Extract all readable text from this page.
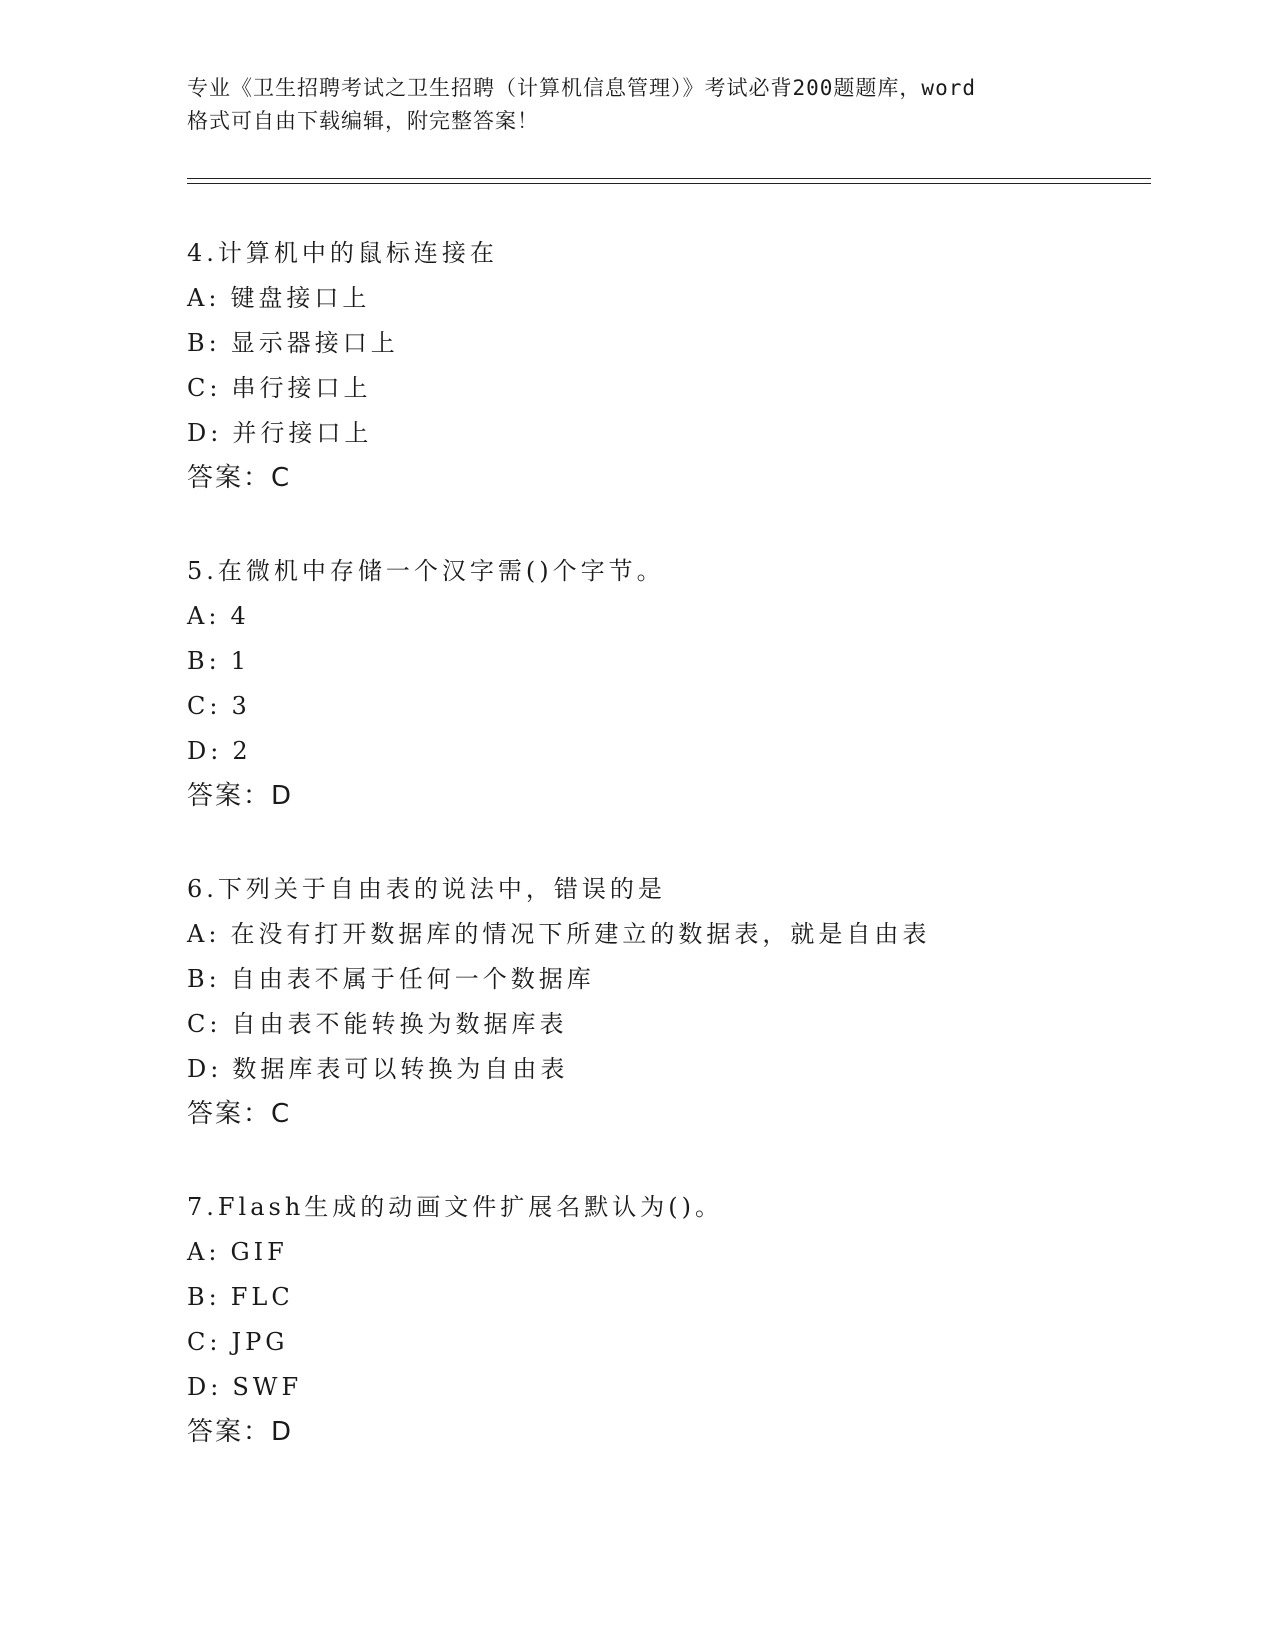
专业《卫生招聘考试之卫生招聘（计算机信息管理）》考试必背200题题库，word
格式可自由下载编辑，附完整答案！
4.计算机中的鼠标连接在
A: 键盘接口上
B: 显示器接口上
C: 串行接口上
D: 并行接口上
答案：C
5.在微机中存储一个汉字需()个字节。
A: 4
B: 1
C: 3
D: 2
答案：D
6.下列关于自由表的说法中，错误的是
A: 在没有打开数据库的情况下所建立的数据表，就是自由表
B: 自由表不属于任何一个数据库
C: 自由表不能转换为数据库表
D: 数据库表可以转换为自由表
答案：C
7.Flash生成的动画文件扩展名默认为()。
A: GIF
B: FLC
C: JPG
D: SWF
答案：D
